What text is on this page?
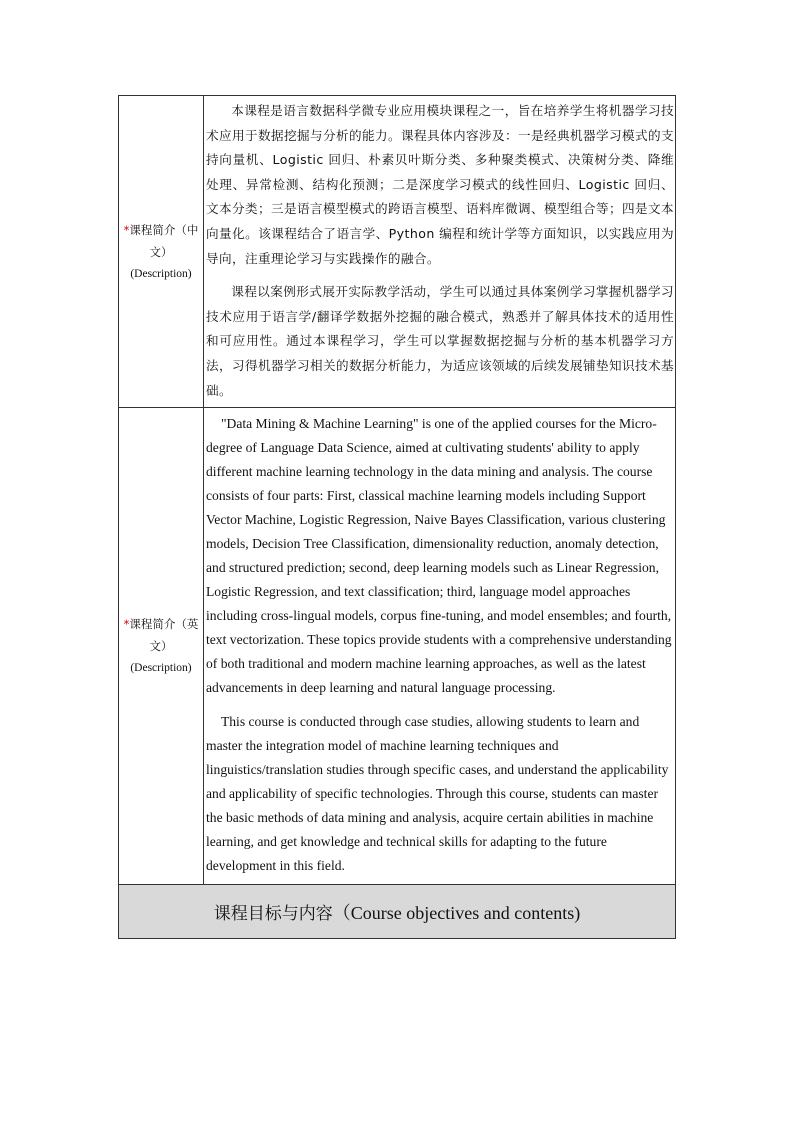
*课程简介（中
文）
(Description)

本课程是语言数据科学微专业应用模块课程之一，旨在培养学生将机器学习技术应用于数据挖掘与分析的能力。课程具体内容涉及：一是经典机器学习模式的支持向量机、Logistic 回归、朴素贝叶斯分类、多种聚类模式、决策树分类、降维处理、异常检测、结构化预测；二是深度学习模式的线性回归、Logistic 回归、文本分类；三是语言模型模式的跨语言模型、语料库微调、模型组合等；四是文本向量化。该课程结合了语言学、Python 编程和统计学等方面知识，以实践应用为导向，注重理论学习与实践操作的融合。

课程以案例形式展开实际教学活动，学生可以通过具体案例学习掌握机器学习技术应用于语言学/翻译学数据外挖掘的融合模式，熟悉并了解具体技术的适用性和可应用性。通过本课程学习，学生可以掌握数据挖掘与分析的基本机器学习方法，习得机器学习相关的数据分析能力，为适应该领域的后续发展铺垫知识技术基础。

*课程简介（英
文）
(Description)

"Data Mining & Machine Learning" is one of the applied courses for the Micro-degree of Language Data Science, aimed at cultivating students' ability to apply different machine learning technology in the data mining and analysis. The course consists of four parts: First, classical machine learning models including Support Vector Machine, Logistic Regression, Naive Bayes Classification, various clustering models, Decision Tree Classification, dimensionality reduction, anomaly detection, and structured prediction; second, deep learning models such as Linear Regression, Logistic Regression, and text classification; third, language model approaches including cross-lingual models, corpus fine-tuning, and model ensembles; and fourth, text vectorization. These topics provide students with a comprehensive understanding of both traditional and modern machine learning approaches, as well as the latest advancements in deep learning and natural language processing.

This course is conducted through case studies, allowing students to learn and master the integration model of machine learning techniques and linguistics/translation studies through specific cases, and understand the applicability and applicability of specific technologies. Through this course, students can master the basic methods of data mining and analysis, acquire certain abilities in machine learning, and get knowledge and technical skills for adapting to the future development in this field.

课程目标与内容 （Course objectives and contents)
